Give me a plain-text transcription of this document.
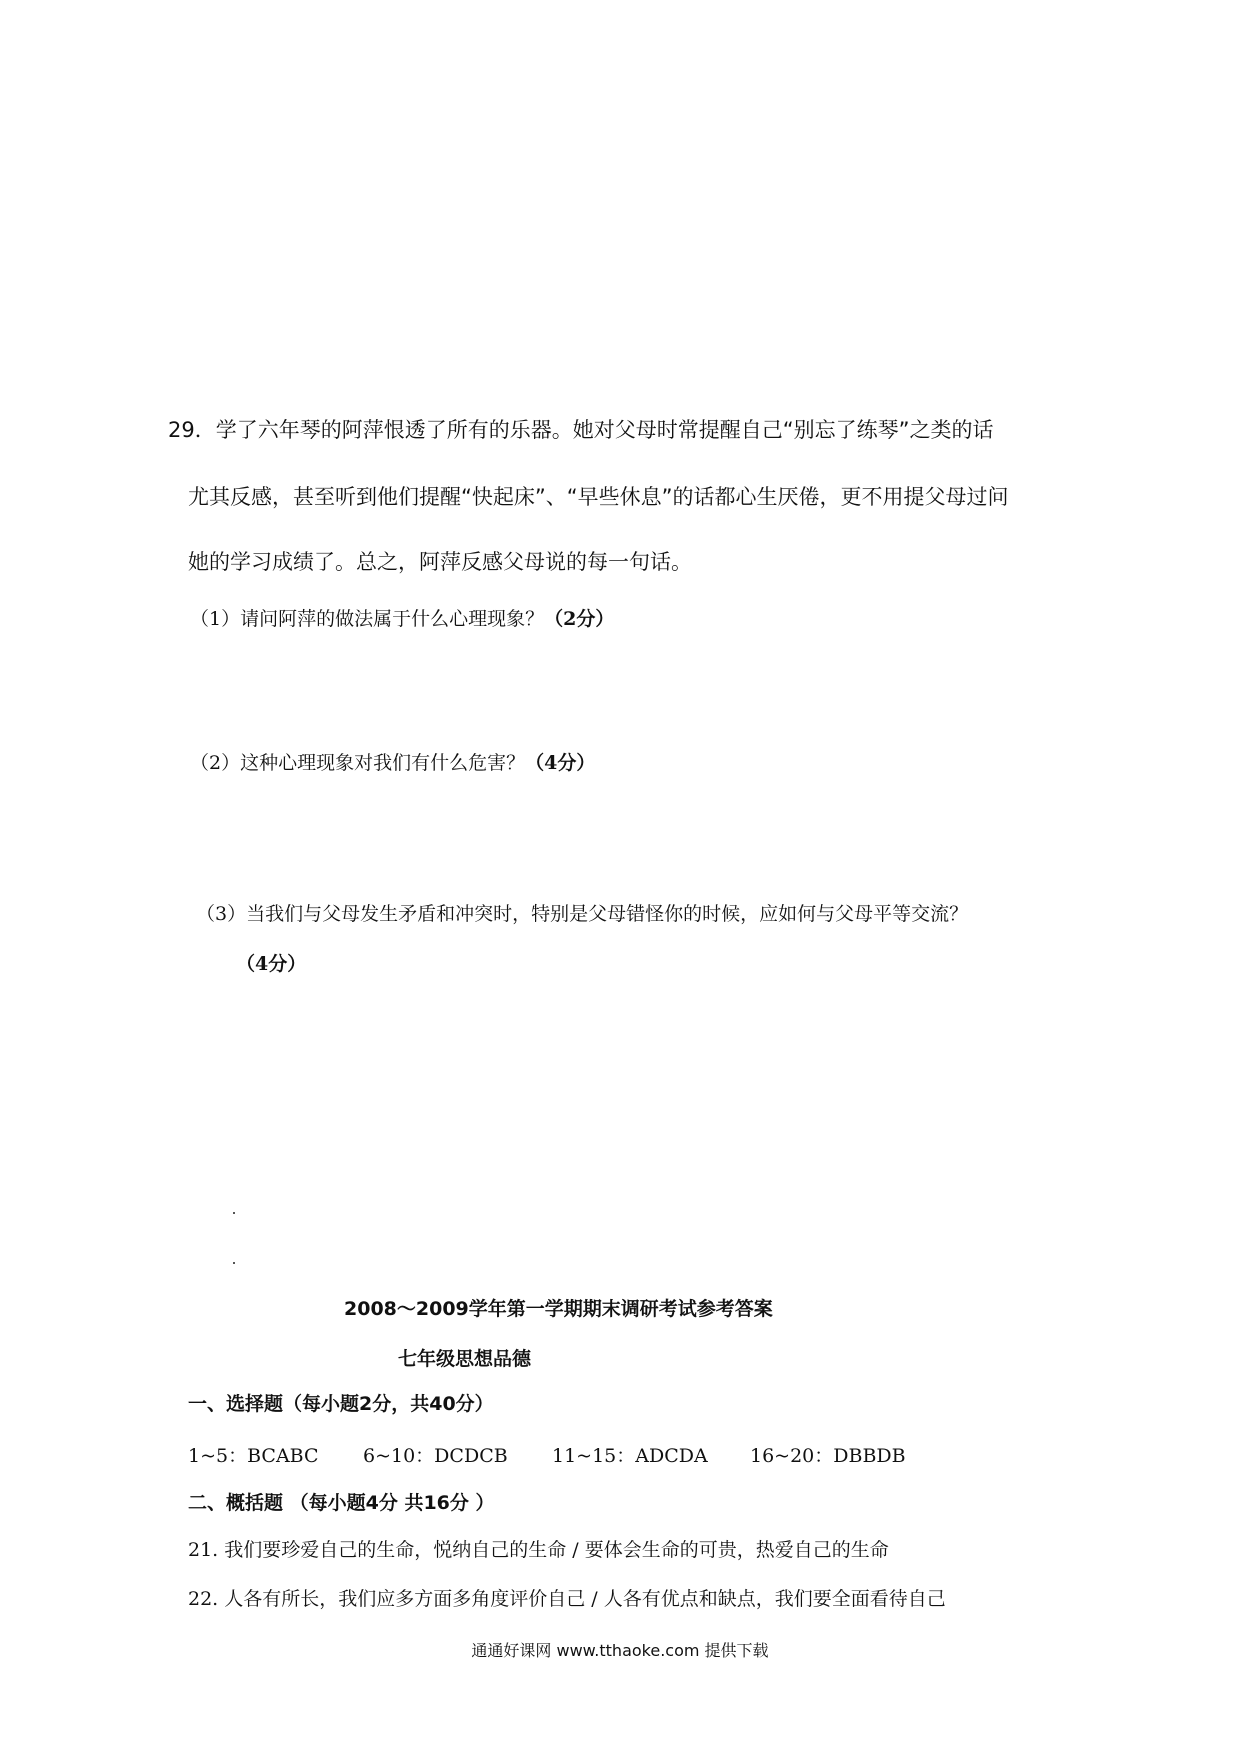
29．学了六年琴的阿萍恨透了所有的乐器。她对父母时常提醒自己“别忘了练琴”之类的话
尤其反感，甚至听到他们提醒“快起床”、“早些休息”的话都心生厌倦，更不用提父母过问
她的学习成绩了。总之，阿萍反感父母说的每一句话。
（1）请问阿萍的做法属于什么心理现象？（2分）
（2）这种心理现象对我们有什么危害？（4分）
（3）当我们与父母发生矛盾和冲突时，特别是父母错怪你的时候，应如何与父母平等交流？
（4分）
2008～2009学年第一学期期末调研考试参考答案
七年级思想品德
一、选择题（每小题2分，共40分）
1~5：BCABC 6~10：DCDCB 11~15：ADCDA 16~20：DBBDB
二、概括题 （每小题4分 共16分 ）
21. 我们要珍爱自己的生命，悦纳自己的生命 / 要体会生命的可贵，热爱自己的生命
22. 人各有所长，我们应多方面多角度评价自己 / 人各有优点和缺点，我们要全面看待自己
通通好课网 www.tthaoke.com 提供下载
